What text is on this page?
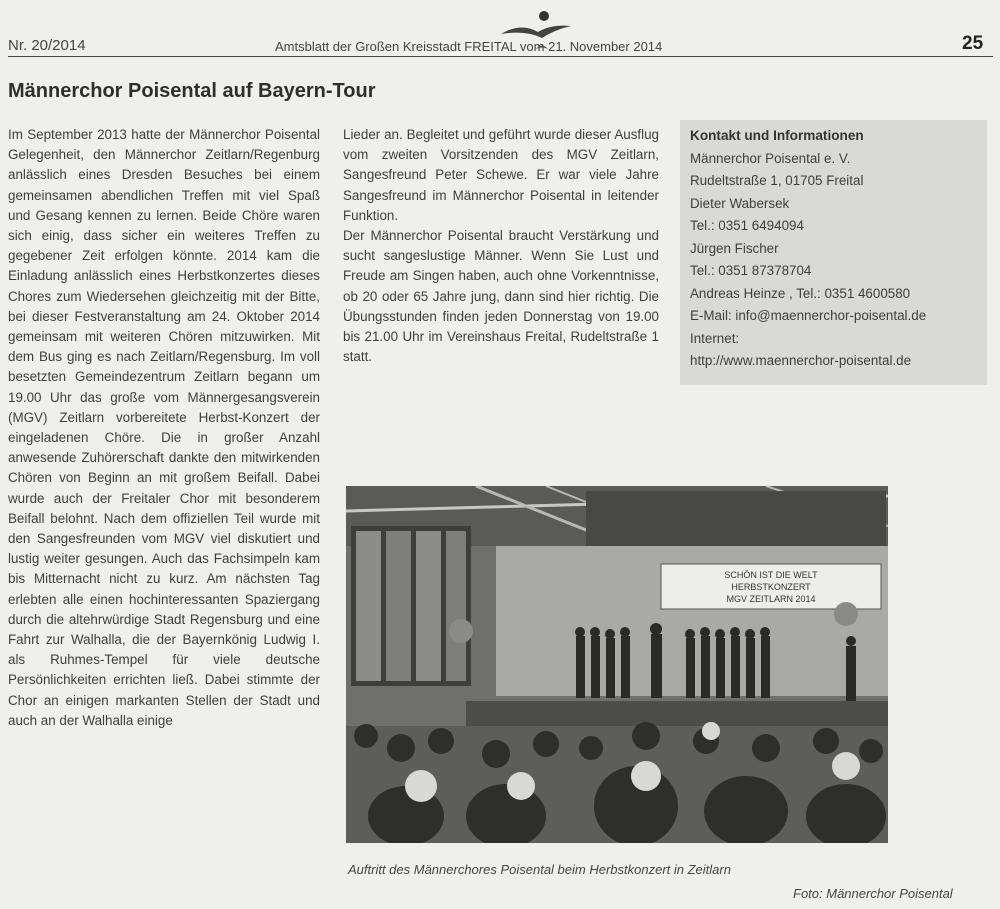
Nr. 20/2014	Amtsblatt der Großen Kreisstadt FREITAL vom 21. November 2014	25
Männerchor Poisental auf Bayern-Tour

Im September 2013 hatte der Männerchor Poisental Gelegenheit, den Männerchor Zeitlarn/Regenburg anlässlich eines Dresden Besuches bei einem gemeinsamen abendlichen Treffen mit viel Spaß und Gesang kennen zu lernen. Beide Chöre waren sich einig, dass sicher ein weiteres Treffen zu gegebener Zeit erfolgen könnte. 2014 kam die Einladung anlässlich eines Herbstkonzertes dieses Chores zum Wiedersehen gleichzeitig mit der Bitte, bei dieser Festveranstaltung am 24. Oktober 2014 gemeinsam mit weiteren Chören mitzuwirken. Mit dem Bus ging es nach Zeitlarn/Regensburg. Im voll besetzten Gemeindezentrum Zeitlarn begann um 19.00 Uhr das große vom Männergesangsverein (MGV) Zeitlarn vorbereitete Herbst-Konzert der eingeladenen Chöre. Die in großer Anzahl anwesende Zuhörerschaft dankte den mitwirkenden Chören von Beginn an mit großem Beifall. Dabei wurde auch der Freitaler Chor mit besonderem Beifall belohnt. Nach dem offiziellen Teil wurde mit den Sangesfreunden vom MGV viel diskutiert und lustig weiter gesungen. Auch das Fachsimpeln kam bis Mitternacht nicht zu kurz. Am nächsten Tag erlebten alle einen hochinteressanten Spaziergang durch die altehrwürdige Stadt Regensburg und eine Fahrt zur Walhalla, die der Bayernkönig Ludwig I. als Ruhmes-Tempel für viele deutsche Persönlichkeiten errichten ließ. Dabei stimmte der Chor an einigen markanten Stellen der Stadt und auch an der Walhalla einige

Lieder an. Begleitet und geführt wurde dieser Ausflug vom zweiten Vorsitzenden des MGV Zeitlarn, Sangesfreund Peter Schewe. Er war viele Jahre Sangesfreund im Männerchor Poisental in leitender Funktion.

Der Männerchor Poisental braucht Verstärkung und sucht sangeslustige Männer. Wenn Sie Lust und Freude am Singen haben, auch ohne Vorkenntnisse, ob 20 oder 65 Jahre jung, dann sind hier richtig. Die Übungsstunden finden jeden Donnerstag von 19.00 bis 21.00 Uhr im Vereinshaus Freital, Rudeltstraße 1 statt.

Kontakt und Informationen
Männerchor Poisental e. V.
Rudeltstraße 1, 01705 Freital
Dieter Wabersek
Tel.: 0351 6494094
Jürgen Fischer
Tel.: 0351 87378704
Andreas Heinze , Tel.: 0351 4600580
E-Mail: info@maennerchor-poisental.de
Internet:
http://www.maennerchor-poisental.de
SCHÖN IST DIE WELT
HERBSTKONZERT
MGV ZEITLARN 2014
Auftritt des Männerchores Poisental beim Herbstkonzert in Zeitlarn
Foto: Männerchor Poisental
